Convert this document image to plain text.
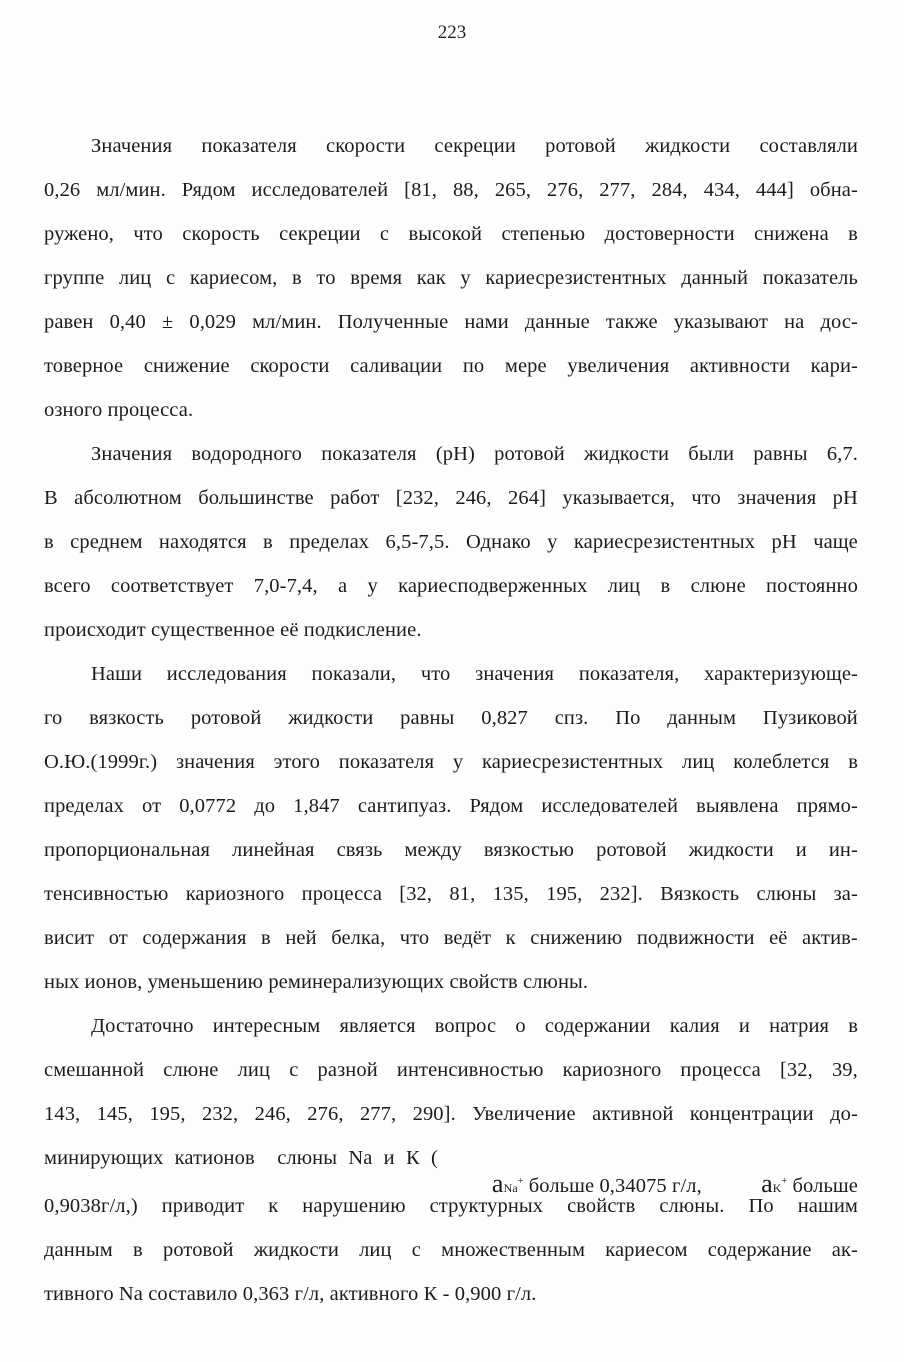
223
Значения показателя скорости секреции ротовой жидкости составляли
0,26 мл/мин. Рядом исследователей [81, 88, 265, 276, 277, 284, 434, 444] обна-
ружено, что скорость секреции с высокой степенью достоверности снижена в
группе лиц с кариесом, в то время как у кариесрезистентных данный показатель
равен 0,40 ± 0,029 мл/мин. Полученные нами данные также указывают на дос-
товерное снижение скорости саливации по мере увеличения активности кари-
озного процесса.
Значения водородного показателя (рН) ротовой жидкости были равны 6,7.
В абсолютном большинстве работ [232, 246, 264] указывается, что значения рН
в среднем находятся в пределах 6,5-7,5. Однако у кариесрезистентных рН чаще
всего соответствует 7,0-7,4, а у кариесподверженных лиц в слюне постоянно
происходит существенное её подкисление.
Наши исследования показали, что значения показателя, характеризующе-
го вязкость ротовой жидкости равны 0,827 спз. По данным Пузиковой
О.Ю.(1999г.) значения этого показателя у кариесрезистентных лиц колеблется в
пределах от 0,0772 до 1,847 сантипуаз. Рядом исследователей выявлена прямо-
пропорциональная линейная связь между вязкостью ротовой жидкости и ин-
тенсивностью кариозного процесса [32, 81, 135, 195, 232]. Вязкость слюны за-
висит от содержания в ней белка, что ведёт к снижению подвижности её актив-
ных ионов, уменьшению реминерализующих свойств слюны.
Достаточно интересным является вопрос о содержании калия и натрия в
смешанной слюне лиц с разной интенсивностью кариозного процесса [32, 39,
143, 145, 195, 232, 246, 276, 277, 290]. Увеличение активной концентрации до-
минирующих катионов  слюны Na и К (

aNa+ больше 0,34075 г/л,
	aK+ больше

0,9038г/л,) приводит к нарушению структурных свойств слюны. По нашим
данным в ротовой жидкости лиц с множественным кариесом содержание ак-
тивного Na составило 0,363 г/л, активного К - 0,900 г/л.
